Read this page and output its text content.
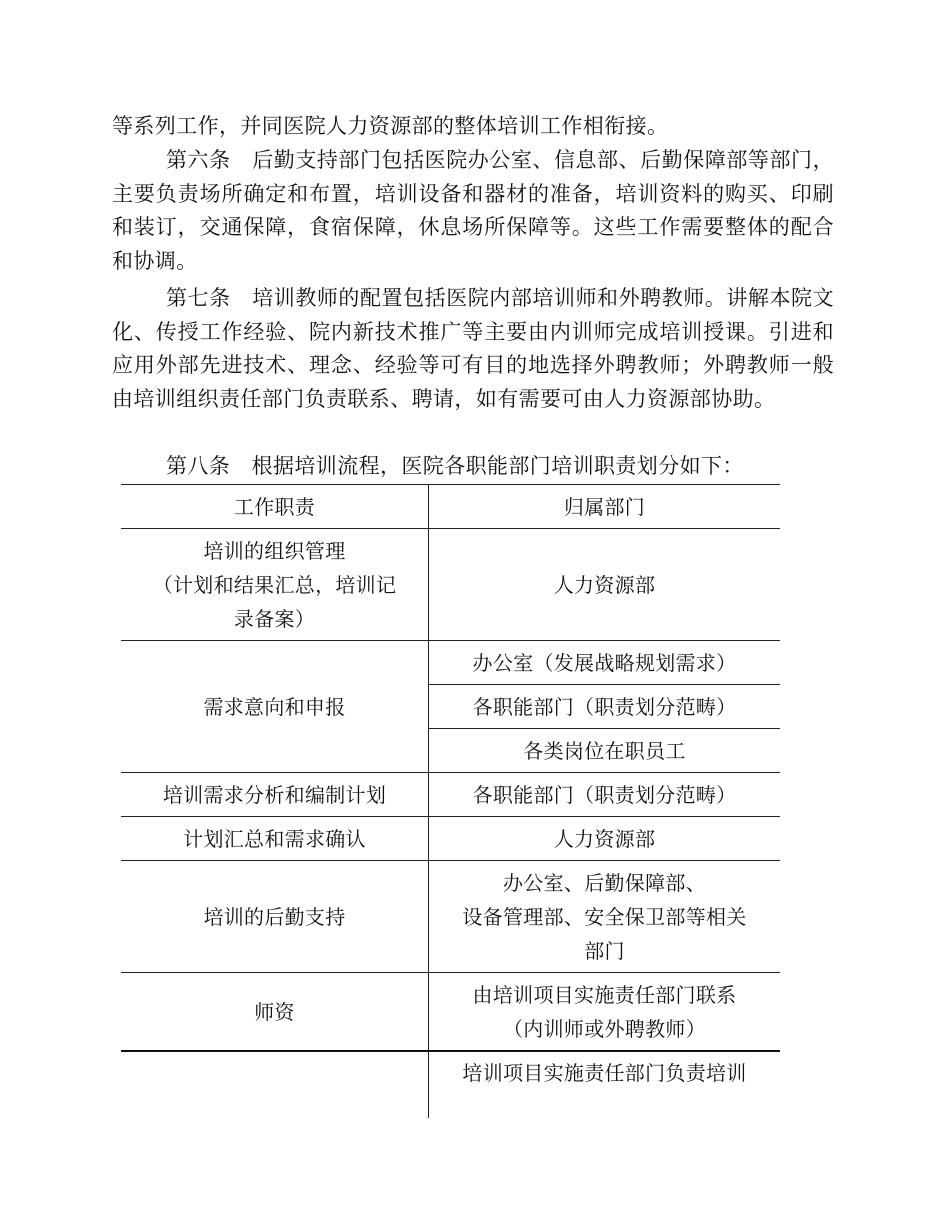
等系列工作，并同医院人力资源部的整体培训工作相衔接。

第六条　后勤支持部门包括医院办公室、信息部、后勤保障部等部门，主要负责场所确定和布置，培训设备和器材的准备，培训资料的购买、印刷和装订，交通保障，食宿保障，休息场所保障等。这些工作需要整体的配合和协调。

第七条　培训教师的配置包括医院内部培训师和外聘教师。讲解本院文化、传授工作经验、院内新技术推广等主要由内训师完成培训授课。引进和应用外部先进技术、理念、经验等可有目的地选择外聘教师；外聘教师一般由培训组织责任部门负责联系、聘请，如有需要可由人力资源部协助。

第八条　根据培训流程，医院各职能部门培训职责划分如下：
工作职责	归属部门

培训的组织管理
（计划和结果汇总，培训记
录备案）	人力资源部
需求意向和申报	办公室（发展战略规划需求）
	各职能部门（职责划分范畴）
	各类岗位在职员工
培训需求分析和编制计划	各职能部门（职责划分范畴）
计划汇总和需求确认	人力资源部
培训的后勤支持	办公室、后勤保障部、
设备管理部、安全保卫部等相关
部门

师资	由培训项目实施责任部门联系
（内训师或外聘教师）

	培训项目实施责任部门负责培训
